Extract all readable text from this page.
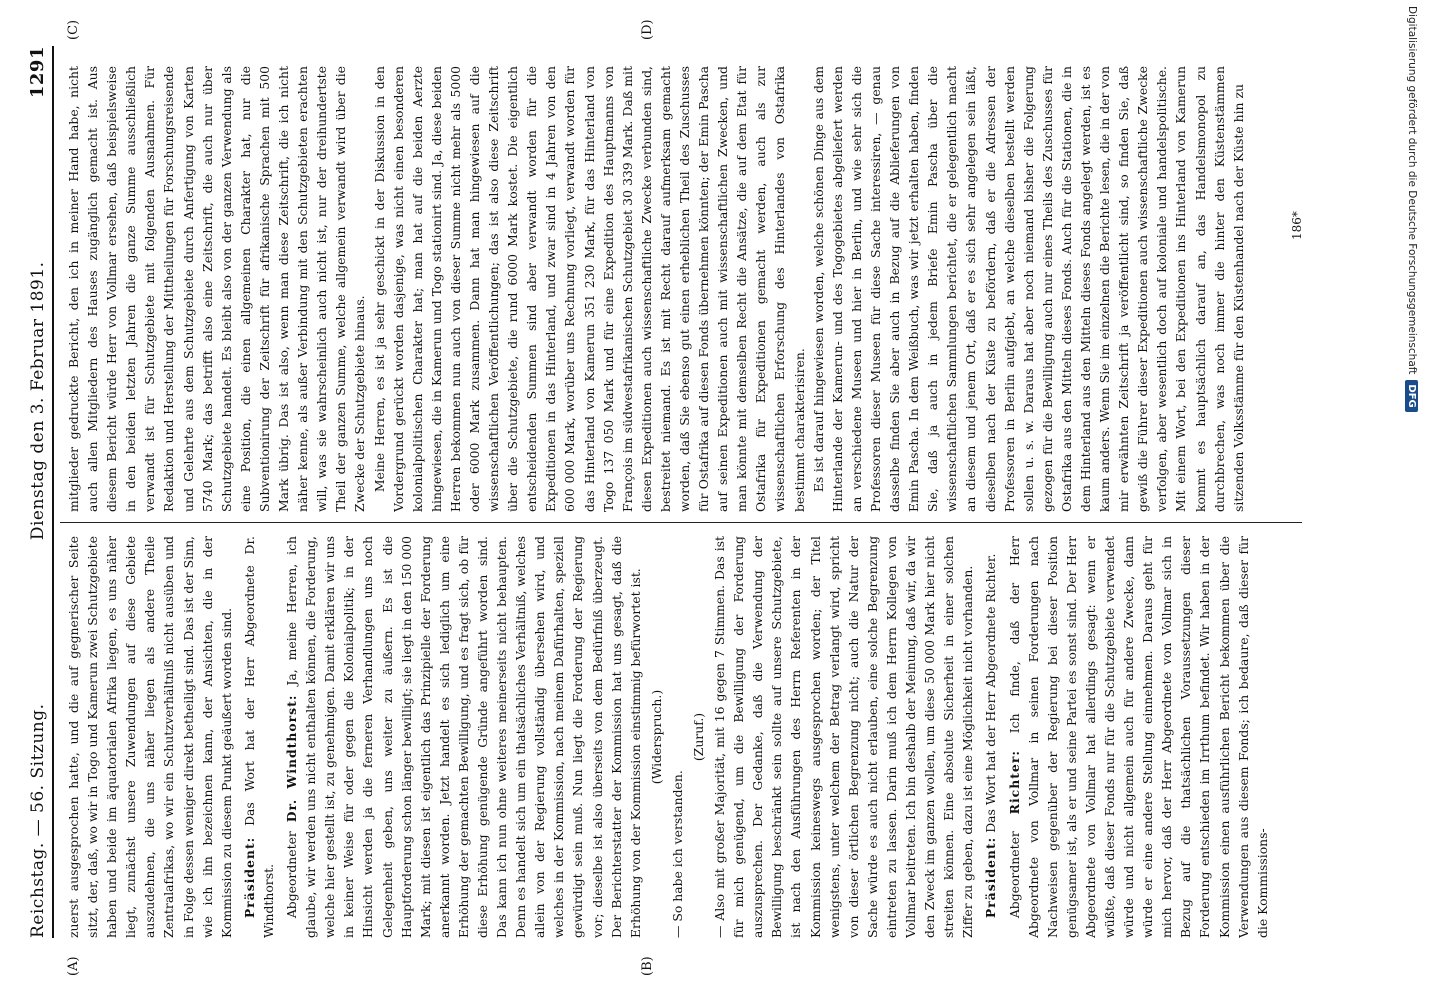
Reichstag. — 56. Sitzung.
Dienstag den 3. Februar 1891.
1291
(A)	(B)
(C)	(D)

zuerst ausgesprochen hatte, und die auf gegnerischer Seite sitzt, der, daß, wo wir in Togo und Kamerun zwei Schutzgebiete haben und beide im äquatorialen Afrika liegen, es uns näher liegt, zunächst unsere Zuwendungen auf diese Gebiete auszudehnen, die uns näher liegen als andere Theile Zentralafrikas, wo wir ein Schutzverhältniß nicht ausüben und in Folge dessen weniger direkt betheiligt sind. Das ist der Sinn, wie ich ihn bezeichnen kann, der Ansichten, die in der Kommission zu diesem Punkt geäußert worden sind. Präsident: Das Wort hat der Herr Abgeordnete Dr. Windthorst. Abgeordneter Dr. Windthorst: Ja, meine Herren, ich glaube, wir werden uns nicht enthalten können, die Forderung, welche hier gestellt ist, zu genehmigen. Damit erklären wir uns in keiner Weise für oder gegen die Kolonialpolitik; in der Hinsicht werden ja die ferneren Verhandlungen uns noch Gelegenheit geben, uns weiter zu äußern. Es ist die Hauptforderung schon länger bewilligt; sie liegt in den 150 000 Mark; mit diesen ist eigentlich das Prinzipielle der Forderung anerkannt worden. Jetzt handelt es sich lediglich um eine Erhöhung der gemachten Bewilligung, und es fragt sich, ob für diese Erhöhung genügende Gründe angeführt worden sind. Das kann ich nun ohne weiteres meinerseits nicht behaupten. Denn es handelt sich um ein thatsächliches Verhältniß, welches allein von der Regierung vollständig übersehen wird, und welches in der Kommission, nach meinem Dafürhalten, speziell gewürdigt sein muß. Nun liegt die Forderung der Regierung vor; dieselbe ist also überseits von dem Bedürfniß überzeugt. Der Berichterstatter der Kommission hat uns gesagt, daß die Erhöhung von der Kommission einstimmig befürwortet ist. (Widerspruch.)

— So habe ich verstanden.

(Zuruf.) — Also mit großer Majorität, mit 16 gegen 7 Stimmen. Das ist für mich genügend, um die Bewilligung der Forderung auszusprechen. Der Gedanke, daß die Verwendung der Bewilligung beschränkt sein sollte auf unsere Schutzgebiete, ist nach den Ausführungen des Herrn Referenten in der Kommission keineswegs ausgesprochen worden; der Titel wenigstens, unter welchem der Betrag verlangt wird, spricht von dieser örtlichen Begrenzung nicht; auch die Natur der Sache würde es auch nicht erlauben, eine solche Begrenzung eintreten zu lassen. Darin muß ich dem Herrn Kollegen von Vollmar beitreten. Ich bin deshalb der Meinung, daß wir, da wir den Zweck im ganzen wollen, um diese 50 000 Mark hier nicht streiten können. Eine absolute Sicherheit in einer solchen Ziffer zu geben, dazu ist eine Möglichkeit nicht vorhanden. Präsident: Das Wort hat der Herr Abgeordnete Richter.

Abgeordneter Richter: Ich finde, daß der Herr Abgeordnete von Vollmar in seinen Forderungen nach Nachweisen gegenüber der Regierung bei dieser Position genügsamer ist, als er und seine Partei es sonst sind. Der Herr Abgeordnete von Vollmar hat allerdings gesagt: wenn er wüßte, daß dieser Fonds nur für die Schutzgebiete verwendet würde und nicht allgemein auch für andere Zwecke, dann würde er eine andere Stellung einnehmen. Daraus geht für mich hervor, daß der Herr Abgeordnete von Vollmar sich in Bezug auf die thatsächlichen Voraussetzungen dieser Forderung entschieden im Irrthum befindet. Wir haben in der Kommission einen ausführlichen Bericht bekommen über die Verwendungen aus diesem Fonds; ich bedaure, daß dieser für die Kommissions-

mitglieder gedruckte Bericht, den ich in meiner Hand habe, nicht auch allen Mitgliedern des Hauses zugänglich gemacht ist. Aus diesem Bericht würde Herr von Vollmar ersehen, daß beispielsweise in den beiden letzten Jahren die ganze Summe ausschließlich verwandt ist für Schutzgebiete mit folgenden Ausnahmen. Für Redaktion und Herstellung der Mittheilungen für Forschungsreisende und Gelehrte aus dem Schutzgebiete durch Anfertigung von Karten 5740 Mark; das betrifft also eine Zeitschrift, die auch nur über Schutzgebiete handelt. Es bleibt also von der ganzen Verwendung als eine Position, die einen allgemeinen Charakter hat, nur die Subventionirung der Zeitschrift für afrikanische Sprachen mit 500 Mark übrig. Das ist also, wenn man diese Zeitschrift, die ich nicht näher kenne, als außer Verbindung mit den Schutzgebieten erachten will, was sie wahrscheinlich auch nicht ist, nur der dreihundertste Theil der ganzen Summe, welche allgemein verwandt wird über die Zwecke der Schutzgebiete hinaus. Meine Herren, es ist ja sehr geschickt in der Diskussion in den Vordergrund gerückt worden dasjenige, was nicht einen besonderen kolonialpolitischen Charakter hat; man hat auf die beiden Aerzte hingewiesen, die in Kamerun und Togo stationirt sind. Ja, diese beiden Herren bekommen nun auch von dieser Summe nicht mehr als 5000 oder 6000 Mark zusammen. Dann hat man hingewiesen auf die wissenschaftlichen Veröffentlichungen; das ist also diese Zeitschrift über die Schutzgebiete, die rund 6000 Mark kostet. Die eigentlich entscheidenden Summen sind aber verwandt worden für die Expeditionen in das Hinterland, und zwar sind in 4 Jahren von den 600 000 Mark, worüber uns Rechnung vorliegt, verwandt worden für das Hinterland von Kamerun 351 230 Mark, für das Hinterland von Togo 137 050 Mark und für eine Expedition des Hauptmanns von François im südwestafrikanischen Schutzgebiet 30 339 Mark. Daß mit diesen Expeditionen auch wissenschaftliche Zwecke verbunden sind, bestreitet niemand. Es ist mit Recht darauf aufmerksam gemacht worden, daß Sie ebenso gut einen erheblichen Theil des Zuschusses für Ostafrika auf diesen Fonds übernehmen könnten; der Emin Pascha auf seinen Expeditionen auch mit wissenschaftlichen Zwecken, und man könnte mit demselben Recht die Ansätze, die auf dem Etat für Ostafrika für Expeditionen gemacht werden, auch als zur wissenschaftlichen Erforschung des Hinterlandes von Ostafrika bestimmt charakterisiren. Es ist darauf hingewiesen worden, welche schönen Dinge aus dem Hinterlande der Kamerun- und des Togogebietes abgeliefert werden an verschiedene Museen und hier in Berlin, und wie sehr sich die Professoren dieser Museen für diese Sache interessiren, — genau dasselbe finden Sie aber auch in Bezug auf die Ablieferungen von Emin Pascha. In dem Weißbuch, was wir jetzt erhalten haben, finden Sie, daß ja auch in jedem Briefe Emin Pascha über die wissenschaftlichen Sammlungen berichtet, die er gelegentlich macht an diesem und jenem Ort, daß er es sich sehr angelegen sein läßt, dieselben nach der Küste zu befördern, daß er die Adressen der Professoren in Berlin aufgiebt, an welche dieselben bestellt werden sollen u. s. w. Daraus hat aber noch niemand bisher die Folgerung gezogen für die Bewilligung auch nur eines Theils des Zuschusses für Ostafrika aus den Mitteln dieses Fonds. Auch für die Stationen, die in dem Hinterland aus den Mitteln dieses Fonds angelegt werden, ist es kaum anders. Wenn Sie im einzelnen die Berichte lesen, die in der von mir erwähnten Zeitschrift ja veröffentlicht sind, so finden Sie, daß gewiß die Führer dieser Expeditionen auch wissenschaftliche Zwecke verfolgen, aber wesentlich doch auf koloniale und handelspolitische. Mit einem Wort, bei den Expeditionen ins Hinterland von Kamerun kommt es hauptsächlich darauf an, das Handelsmonopol zu durchbrechen, was noch immer die hinter den Küstenstämmen sitzenden Volksstämme für den Küstenhandel nach der Küste hin zu	186*	Digitalisierung gefördert durch die Deutsche Forschungsgemeinschaft
DFG
